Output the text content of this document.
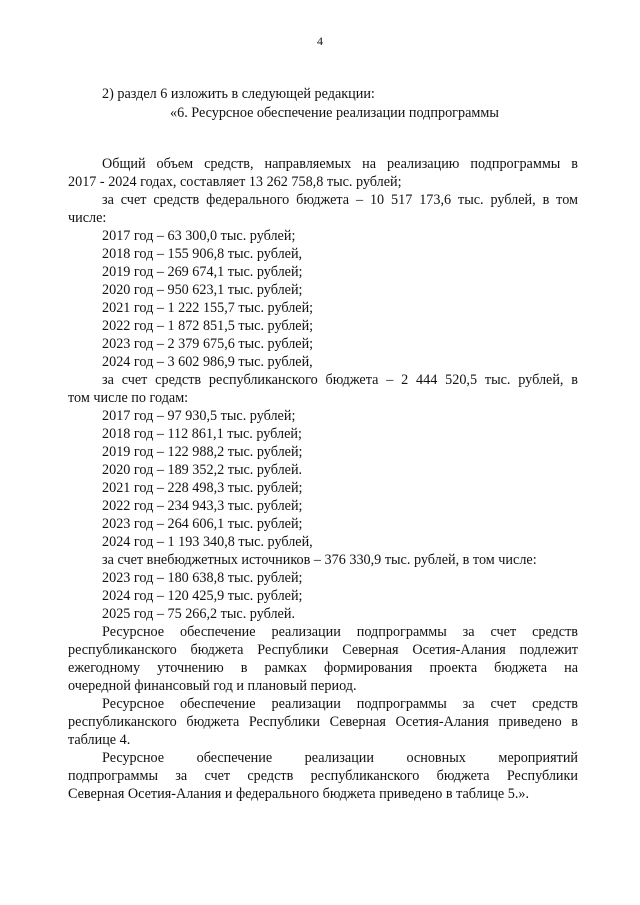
4
2) раздел 6 изложить в следующей редакции:
«6. Ресурсное обеспечение реализации подпрограммы
Общий объем средств, направляемых на реализацию подпрограммы в
2017 - 2024 годах, составляет 13 262 758,8 тыс. рублей;
за счет средств федерального бюджета – 10 517 173,6 тыс. рублей, в том
числе:
2017 год – 63 300,0 тыс. рублей;
2018 год – 155 906,8 тыс. рублей,
2019 год – 269 674,1 тыс. рублей;
2020 год – 950 623,1 тыс. рублей;
2021 год – 1 222 155,7 тыс. рублей;
2022 год – 1 872 851,5 тыс. рублей;
2023 год – 2 379 675,6 тыс. рублей;
2024 год – 3 602 986,9 тыс. рублей,
за счет средств республиканского бюджета – 2 444 520,5 тыс. рублей, в
том числе по годам:
2017 год – 97 930,5 тыс. рублей;
2018 год – 112 861,1 тыс. рублей;
2019 год – 122 988,2 тыс. рублей;
2020 год – 189 352,2 тыс. рублей.
2021 год – 228 498,3 тыс. рублей;
2022 год – 234 943,3 тыс. рублей;
2023 год – 264 606,1 тыс. рублей;
2024 год – 1 193 340,8 тыс. рублей,
за счет внебюджетных источников – 376 330,9 тыс. рублей, в том числе:
2023 год – 180 638,8 тыс. рублей;
2024 год – 120 425,9 тыс. рублей;
2025 год – 75 266,2 тыс. рублей.
Ресурсное обеспечение реализации подпрограммы за счет средств
республиканского бюджета Республики Северная Осетия-Алания подлежит
ежегодному уточнению в рамках формирования проекта бюджета на
очередной финансовый год и плановый период.
Ресурсное обеспечение реализации подпрограммы за счет средств
республиканского бюджета Республики Северная Осетия-Алания приведено в
таблице 4.
Ресурсное обеспечение реализации основных мероприятий
подпрограммы за счет средств республиканского бюджета Республики
Северная Осетия-Алания и федерального бюджета приведено в таблице 5.».
